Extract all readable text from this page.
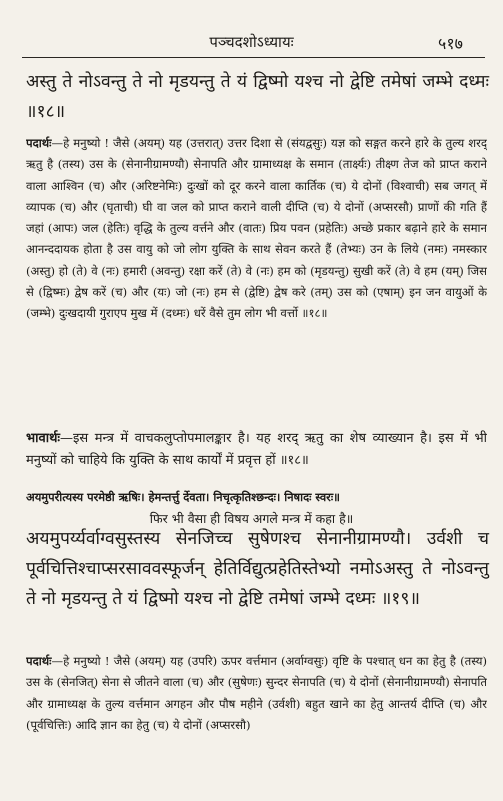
पञ्चदशोऽध्यायः	५१७
अस्तु ते नोऽवन्तु ते नो मृडयन्तु ते यं द्विष्मो यश्च नो द्वेष्टि तमेषां जम्भे दध्मः ॥१८॥
पदार्थः—हे मनुष्यो ! जैसे (अयम्) यह (उत्तरात्) उत्तर दिशा से (संयद्वसुः) यज्ञ को सङ्गत करने हारे के तुल्य शरद् ऋतु है (तस्य) उस के (सेनानीग्रामण्यौ) सेनापति और ग्रामाध्यक्ष के समान (तार्क्ष्यः) तीक्ष्ण तेज को प्राप्त कराने वाला आश्विन (च) और (अरिष्टनेमिः) दुःखों को दूर करने वाला कार्तिक (च) ये दोनों (विश्वाची) सब जगत् में व्यापक (च) और (घृताची) घी वा जल को प्राप्त कराने वाली दीप्ति (च) ये दोनों (अप्सरसौ) प्राणों की गति हैं जहां (आपः) जल (हेतिः) वृद्धि के तुल्य वर्त्तने और (वातः) प्रिय पवन (प्रहेतिः) अच्छे प्रकार बढ़ाने हारे के समान आनन्ददायक होता है उस वायु को जो लोग युक्ति के साथ सेवन करते हैं (तेभ्यः) उन के लिये (नमः) नमस्कार (अस्तु) हो (ते) वे (नः) हमारी (अवन्तु) रक्षा करें (ते) वे (नः) हम को (मृडयन्तु) सुखी करें (ते) वे हम (यम्) जिस से (द्विष्मः) द्वेष करें (च) और (यः) जो (नः) हम से (द्वेष्टि) द्वेष करे (तम्) उस को (एषाम्) इन जन वायुओं के (जम्भे) दुःखदायी गुराएप मुख में (दध्मः) धरें वैसे तुम लोग भी वर्त्तो ॥१८॥
भावार्थः—इस मन्त्र में वाचकलुप्तोपमालङ्कार है। यह शरद् ऋतु का शेष व्याख्यान है। इस में भी मनुष्यों को चाहिये कि युक्ति के साथ कार्यों में प्रवृत्त हों ॥१८॥
अयमुपरीत्यस्य परमेष्ठी ऋषिः। हेमन्तर्त्तु र्देवता। निचृत्कृतिश्छन्दः। निषादः स्वरः॥
फिर भी वैसा ही विषय अगले मन्त्र में कहा है॥
अयमुपर्य्यर्वाग्वसुस्तस्य सेनजिच्च सुषेणश्च सेनानीग्रामण्यौ। उर्वशी च पूर्वचित्तिश्चाप्सरसाववस्फूर्जन् हेतिर्विद्युत्प्रहेतिस्तेभ्यो नमोऽअस्तु ते नोऽवन्तु ते नो मृडयन्तु ते यं द्विष्मो यश्च नो द्वेष्टि तमेषां जम्भे दध्मः ॥१९॥
पदार्थः—हे मनुष्यो ! जैसे (अयम्) यह (उपरि) ऊपर वर्त्तमान (अर्वाग्वसुः) वृष्टि के पश्चात् धन का हेतु है (तस्य) उस के (सेनजित्) सेना से जीतने वाला (च) और (सुषेणः) सुन्दर सेनापति (च) ये दोनों (सेनानीग्रामण्यौ) सेनापति और ग्रामाध्यक्ष के तुल्य वर्त्तमान अगहन और पौष महीने (उर्वशी) बहुत खाने का हेतु आन्तर्य दीप्ति (च) और (पूर्वचित्तिः) आदि ज्ञान का हेतु (च) ये दोनों (अप्सरसौ)
